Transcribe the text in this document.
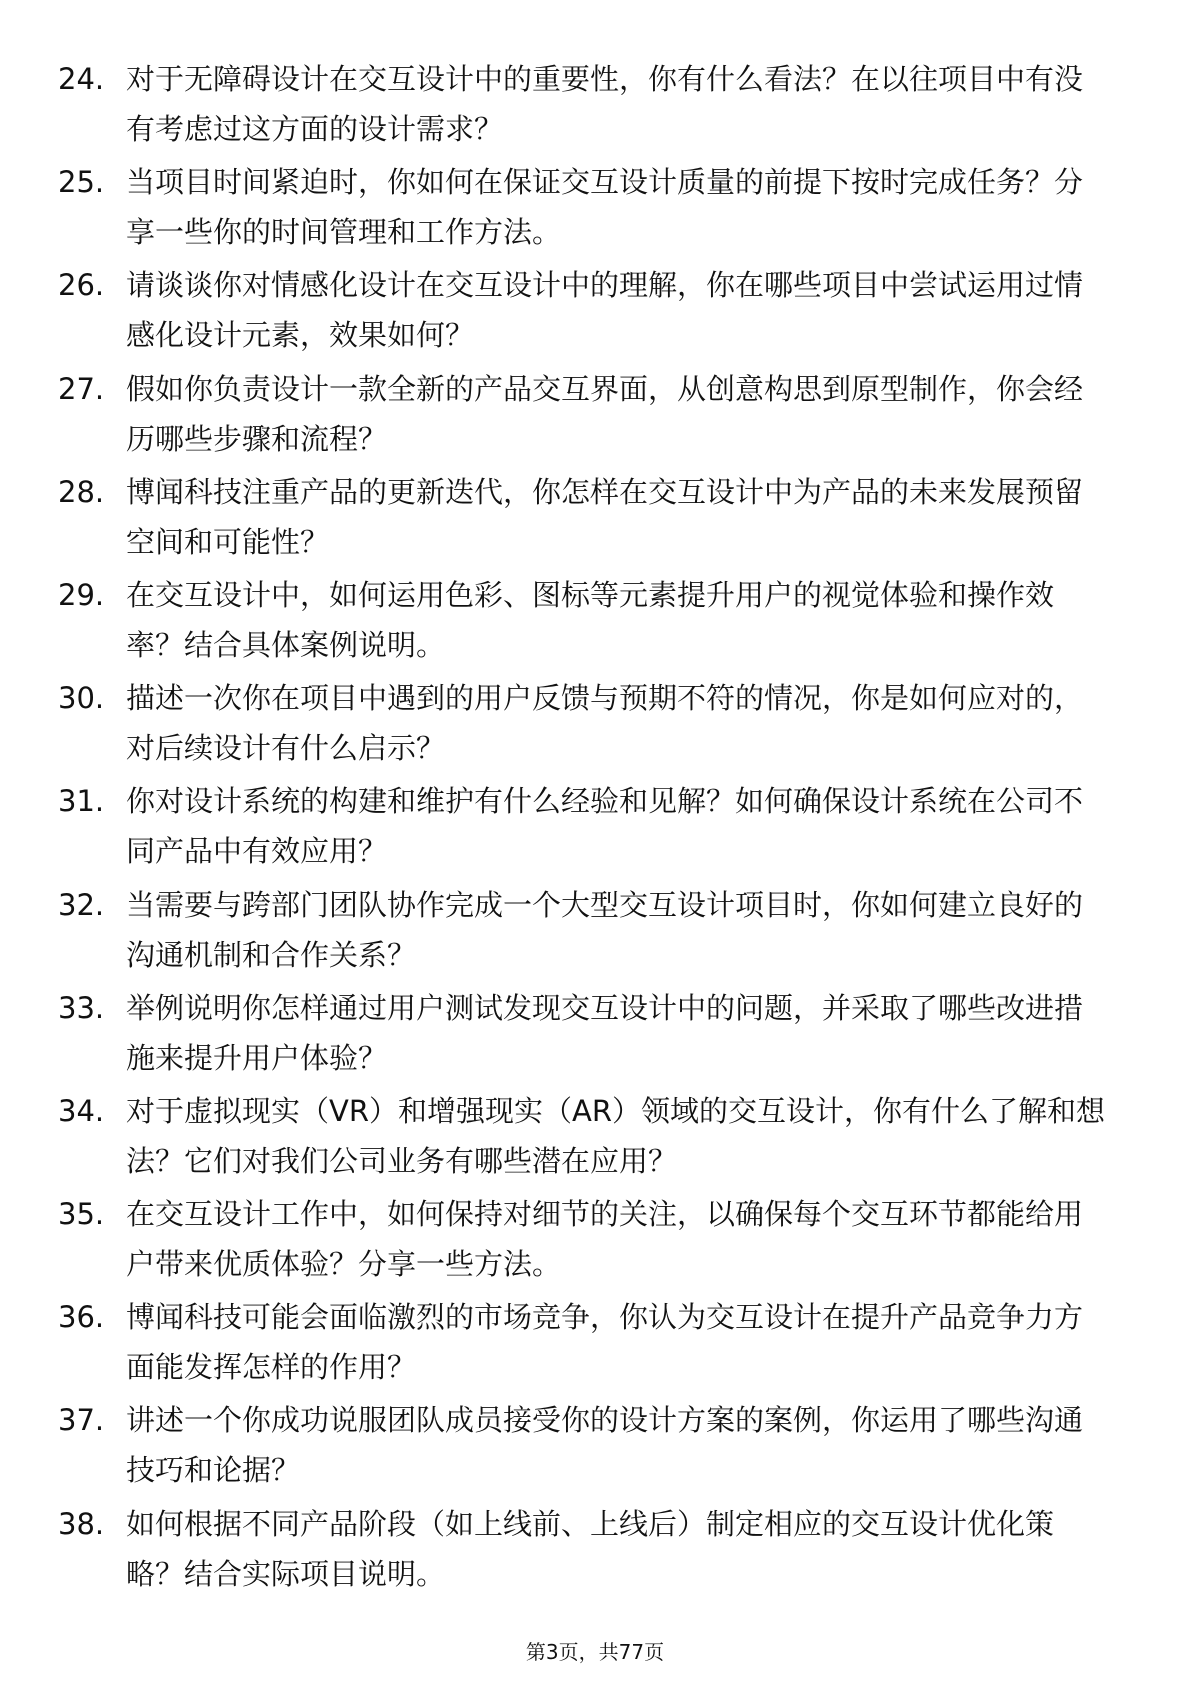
24. 对于无障碍设计在交互设计中的重要性，你有什么看法？在以往项目中有没有考虑过这方面的设计需求？
25. 当项目时间紧迫时，你如何在保证交互设计质量的前提下按时完成任务？分享一些你的时间管理和工作方法。
26. 请谈谈你对情感化设计在交互设计中的理解，你在哪些项目中尝试运用过情感化设计元素，效果如何？
27. 假如你负责设计一款全新的产品交互界面，从创意构思到原型制作，你会经历哪些步骤和流程？
28. 博闻科技注重产品的更新迭代，你怎样在交互设计中为产品的未来发展预留空间和可能性？
29. 在交互设计中，如何运用色彩、图标等元素提升用户的视觉体验和操作效率？结合具体案例说明。
30. 描述一次你在项目中遇到的用户反馈与预期不符的情况，你是如何应对的，对后续设计有什么启示？
31. 你对设计系统的构建和维护有什么经验和见解？如何确保设计系统在公司不同产品中有效应用？
32. 当需要与跨部门团队协作完成一个大型交互设计项目时，你如何建立良好的沟通机制和合作关系？
33. 举例说明你怎样通过用户测试发现交互设计中的问题，并采取了哪些改进措施来提升用户体验？
34. 对于虚拟现实（VR）和增强现实（AR）领域的交互设计，你有什么了解和想法？它们对我们公司业务有哪些潜在应用？
35. 在交互设计工作中，如何保持对细节的关注，以确保每个交互环节都能给用户带来优质体验？分享一些方法。
36. 博闻科技可能会面临激烈的市场竞争，你认为交互设计在提升产品竞争力方面能发挥怎样的作用？
37. 讲述一个你成功说服团队成员接受你的设计方案的案例，你运用了哪些沟通技巧和论据？
38. 如何根据不同产品阶段（如上线前、上线后）制定相应的交互设计优化策略？结合实际项目说明。
第3页，共77页
